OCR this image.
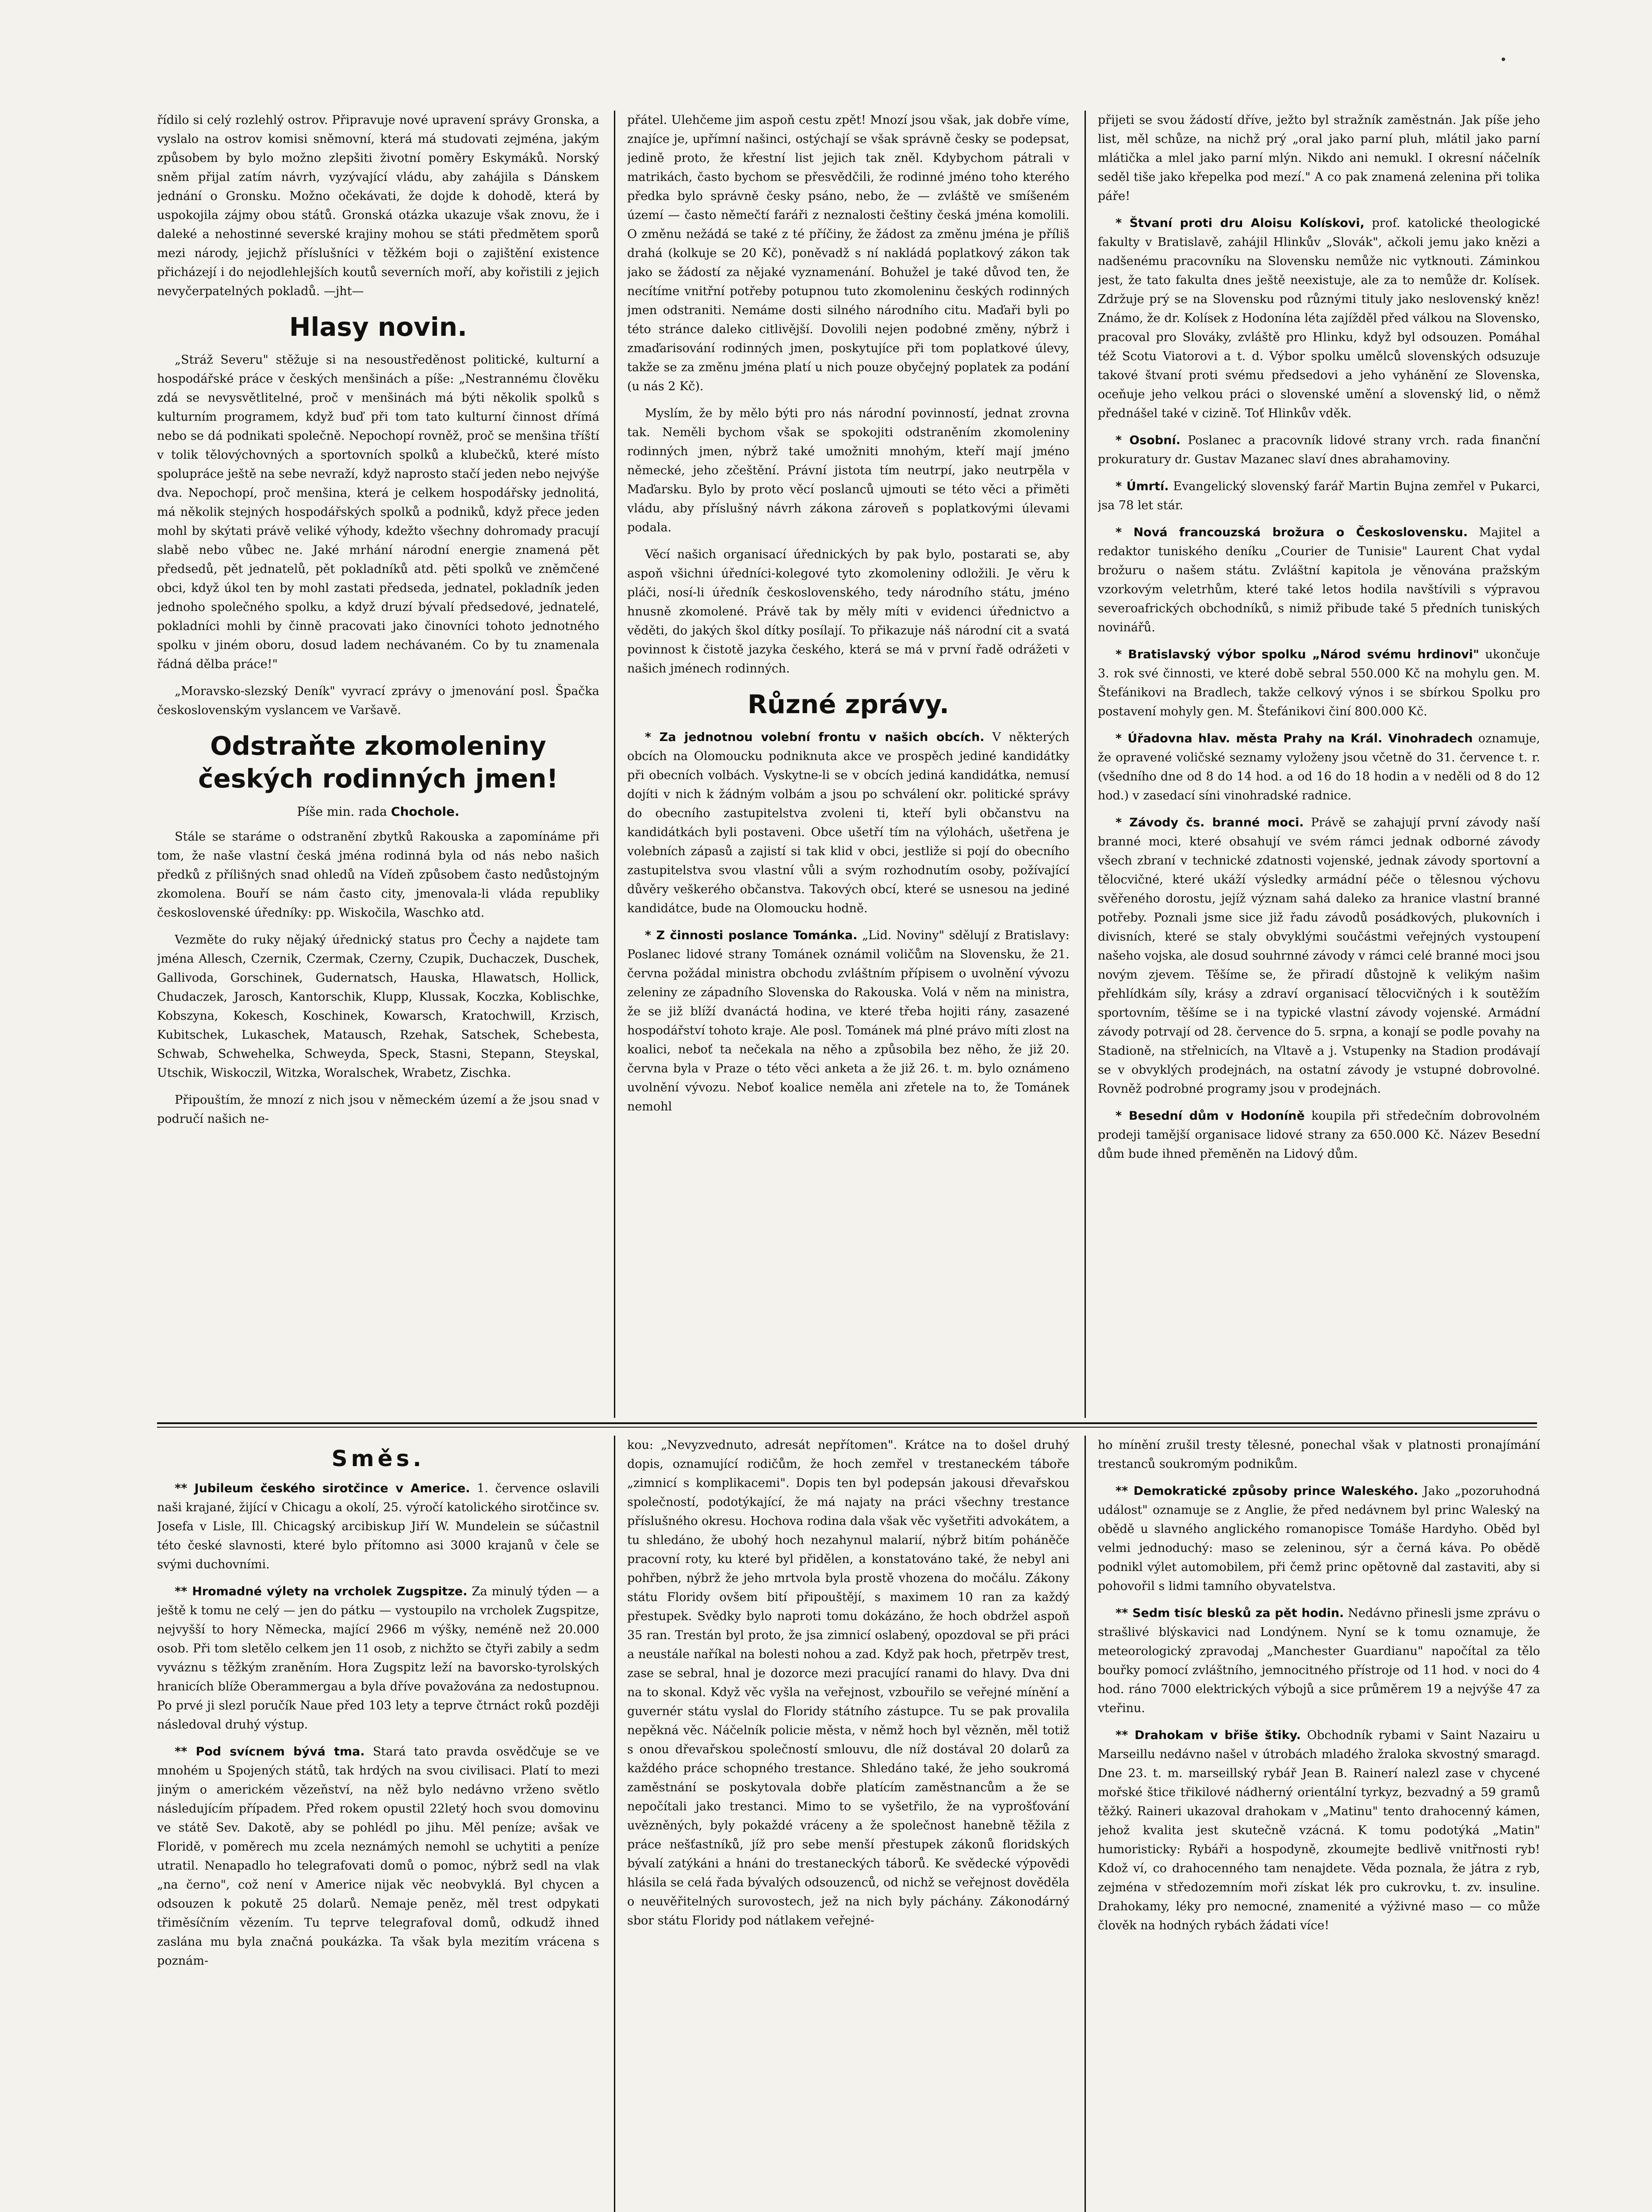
řídilo si celý rozlehlý ostrov. Připravuje nové upravení správy Gronska, a vyslalo na ostrov komisi sněmovní, která má studovati zejména, jakým způsobem by bylo možno zlepšiti životní poměry Eskymáků. Norský sněm přijal zatím návrh, vyzývající vládu, aby zahájila s Dánskem jednání o Gronsku. Možno očekávati, že dojde k dohodě, která by uspokojila zájmy obou států. Gronská otázka ukazuje však znovu, že i daleké a nehostinné severské krajiny mohou se státi předmětem sporů mezi národy, jejichž příslušníci v těžkém boji o zajištění existence přicházejí i do nejodlehlejších koutů severních moří, aby kořistili z jejich nevyčerpatelných pokladů. —jht—

Hlasy novin.

„Stráž Severu" stěžuje si na nesoustředěnost politické, kulturní a hospodářské práce v českých menšinách a píše: „Nestrannému člověku zdá se nevysvětlitelné, proč v menšinách má býti několik spolků s kulturním programem, když buď při tom tato kulturní činnost dřímá nebo se dá podnikati společně. Nepochopí rovněž, proč se menšina tříští v tolik tělovýchovných a sportovních spolků a klubečků, které místo spolupráce ještě na sebe nevraží, když naprosto stačí jeden nebo nejvýše dva. Nepochopí, proč menšina, která je celkem hospodářsky jednolitá, má několik stejných hospodářských spolků a podniků, když přece jeden mohl by skýtati právě veliké výhody, kdežto všechny dohromady pracují slabě nebo vůbec ne. Jaké mrhání národní energie znamená pět předsedů, pět jednatelů, pět pokladníků atd. pěti spolků ve zněmčené obci, když úkol ten by mohl zastati předseda, jednatel, pokladník jeden jednoho společného spolku, a když druzí bývalí předsedové, jednatelé, pokladníci mohli by činně pracovati jako činovníci tohoto jednotného spolku v jiném oboru, dosud ladem nechávaném. Co by tu znamenala řádná dělba práce!"

„Moravsko-slezský Deník" vyvrací zprávy o jmenování posl. Špačka československým vyslancem ve Varšavě.

Odstraňte zkomoleniny českých rodinných jmen!
Píše min. rada Chochole.

Stále se staráme o odstranění zbytků Rakouska a zapomínáme při tom, že naše vlastní česká jména rodinná byla od nás nebo našich předků z přílišných snad ohledů na Vídeň způsobem často nedůstojným zkomolena. Bouří se nám často city, jmenovala-li vláda republiky československé úředníky: pp. Wiskočila, Waschko atd.

Vezměte do ruky nějaký úřednický status pro Čechy a najdete tam jména Allesch, Czernik, Czermak, Czerny, Czupik, Duchaczek, Duschek, Gallivoda, Gorschinek, Gudernatsch, Hauska, Hlawatsch, Hollick, Chudaczek, Jarosch, Kantorschik, Klupp, Klussak, Koczka, Koblischke, Kobszyna, Kokesch, Koschinek, Kowarsch, Kratochwill, Krzisch, Kubitschek, Lukaschek, Matausch, Rzehak, Satschek, Schebesta, Schwab, Schwehelka, Schweyda, Speck, Stasni, Stepann, Steyskal, Utschik, Wiskoczil, Witzka, Woralschek, Wrabetz, Zischka.

Připouštím, že mnozí z nich jsou v německém území a že jsou snad v područí našich ne-

přátel. Ulehčeme jim aspoň cestu zpět! Mnozí jsou však, jak dobře víme, znajíce je, upřímní našinci, ostýchají se však správně česky se podepsat, jedině proto, že křestní list jejich tak zněl. Kdybychom pátrali v matrikách, často bychom se přesvědčili, že rodinné jméno toho kterého předka bylo správně česky psáno, nebo, že — zvláště ve smíšeném území — často němečtí faráři z neznalosti češtiny česká jména komolili. O změnu nežádá se také z té příčiny, že žádost za změnu jména je příliš drahá (kolkuje se 20 Kč), poněvadž s ní nakládá poplatkový zákon tak jako se žádostí za nějaké vyznamenání. Bohužel je také důvod ten, že necítíme vnitřní potřeby potupnou tuto zkomoleninu českých rodinných jmen odstraniti. Nemáme dosti silného národního citu. Maďaři byli po této stránce daleko citlivější. Dovolili nejen podobné změny, nýbrž i zmaďarisování rodinných jmen, poskytujíce při tom poplatkové úlevy, takže se za změnu jména platí u nich pouze obyčejný poplatek za podání (u nás 2 Kč).

Myslím, že by mělo býti pro nás národní povinností, jednat zrovna tak. Neměli bychom však se spokojiti odstraněním zkomoleniny rodinných jmen, nýbrž také umožniti mnohým, kteří mají jméno německé, jeho zčeštění. Právní jistota tím neutrpí, jako neutrpěla v Maďarsku. Bylo by proto věcí poslanců ujmouti se této věci a přiměti vládu, aby příslušný návrh zákona zároveň s poplatkovými úlevami podala.

Věcí našich organisací úřednických by pak bylo, postarati se, aby aspoň všichni úředníci-kolegové tyto zkomoleniny odložili. Je věru k pláči, nosí-li úředník československého, tedy národního státu, jméno hnusně zkomolené. Právě tak by měly míti v evidenci úřednictvo a věděti, do jakých škol dítky posílají. To přikazuje náš národní cit a svatá povinnost k čistotě jazyka českého, která se má v první řadě odrážeti v našich jménech rodinných.

Různé zprávy.

* Za jednotnou volební frontu v našich obcích. V některých obcích na Olomoucku podniknuta akce ve prospěch jediné kandidátky při obecních volbách. Vyskytne-li se v obcích jediná kandidátka, nemusí dojíti v nich k žádným volbám a jsou po schválení okr. politické správy do obecního zastupitelstva zvoleni ti, kteří byli občanstvu na kandidátkách byli postaveni. Obce ušetří tím na výlohách, ušetřena je volebních zápasů a zajistí si tak klid v obci, jestliže si pojí do obecního zastupitelstva svou vlastní vůli a svým rozhodnutím osoby, požívající důvěry veškerého občanstva. Takových obcí, které se usnesou na jediné kandidátce, bude na Olomoucku hodně.

* Z činnosti poslance Tománka. „Lid. Noviny" sdělují z Bratislavy: Poslanec lidové strany Tománek oznámil voličům na Slovensku, že 21. června požádal ministra obchodu zvláštním přípisem o uvolnění vývozu zeleniny ze západního Slovenska do Rakouska. Volá v něm na ministra, že se již blíží dvanáctá hodina, ve které třeba hojiti rány, zasazené hospodářství tohoto kraje. Ale posl. Tománek má plné právo míti zlost na koalici, neboť ta nečekala na něho a způsobila bez něho, že již 20. června byla v Praze o této věci anketa a že již 26. t. m. bylo oznámeno uvolnění vývozu. Neboť koalice neměla ani zřetele na to, že Tománek nemohl

přijeti se svou žádostí dříve, ježto byl stražník zaměstnán. Jak píše jeho list, měl schůze, na nichž prý „oral jako parní pluh, mlátil jako parní mlátička a mlel jako parní mlýn. Nikdo ani nemukl. I okresní náčelník seděl tiše jako křepelka pod mezí." A co pak znamená zelenina při tolika páře!

* Štvaní proti dru Aloisu Kolískovi, prof. katolické theologické fakulty v Bratislavě, zahájil Hlinkův „Slovák", ačkoli jemu jako knězi a nadšenému pracovníku na Slovensku nemůže nic vytknouti. Záminkou jest, že tato fakulta dnes ještě neexistuje, ale za to nemůže dr. Kolísek. Zdržuje prý se na Slovensku pod různými tituly jako neslovenský kněz! Známo, že dr. Kolísek z Hodonína léta zajížděl před válkou na Slovensko, pracoval pro Slováky, zvláště pro Hlinku, když byl odsouzen. Pomáhal též Scotu Viatorovi a t. d. Výbor spolku umělců slovenských odsuzuje takové štvaní proti svému předsedovi a jeho vyhánění ze Slovenska, oceňuje jeho velkou práci o slovenské umění a slovenský lid, o němž přednášel také v cizině. Toť Hlinkův vděk.

* Osobní. Poslanec a pracovník lidové strany vrch. rada finanční prokuratury dr. Gustav Mazanec slaví dnes abrahamoviny.

* Úmrtí. Evangelický slovenský farář Martin Bujna zemřel v Pukarci, jsa 78 let stár.

* Nová francouzská brožura o Československu. Majitel a redaktor tuniského deníku „Courier de Tunisie" Laurent Chat vydal brožuru o našem státu. Zvláštní kapitola je věnována pražským vzorkovým veletrhům, které také letos hodila navštívili s výpravou severoafrických obchodníků, s nimiž přibude také 5 předních tuniských novinářů.

* Bratislavský výbor spolku „Národ svému hrdinovi" ukončuje 3. rok své činnosti, ve které době sebral 550.000 Kč na mohylu gen. M. Štefánikovi na Bradlech, takže celkový výnos i se sbírkou Spolku pro postavení mohyly gen. M. Štefánikovi činí 800.000 Kč.

* Úřadovna hlav. města Prahy na Král. Vinohradech oznamuje, že opravené voličské seznamy vyloženy jsou včetně do 31. července t. r. (všedního dne od 8 do 14 hod. a od 16 do 18 hodin a v neděli od 8 do 12 hod.) v zasedací síni vinohradské radnice.

* Závody čs. branné moci. Právě se zahajují první závody naší branné moci, které obsahují ve svém rámci jednak odborné závody všech zbraní v technické zdatnosti vojenské, jednak závody sportovní a tělocvičné, které ukáží výsledky armádní péče o tělesnou výchovu svěřeného dorostu, jejíž význam sahá daleko za hranice vlastní branné potřeby. Poznali jsme sice již řadu závodů posádkových, plukovních i divisních, které se staly obvyklými součástmi veřejných vystoupení našeho vojska, ale dosud souhrnné závody v rámci celé branné moci jsou novým zjevem. Těšíme se, že přiradí důstojně k velikým našim přehlídkám síly, krásy a zdraví organisací tělocvičných i k soutěžím sportovním, těšíme se i na typické vlastní závody vojenské. Armádní závody potrvají od 28. července do 5. srpna, a konají se podle povahy na Stadioně, na střelnicích, na Vltavě a j. Vstupenky na Stadion prodávají se v obvyklých prodejnách, na ostatní závody je vstupné dobrovolné. Rovněž podrobné programy jsou v prodejnách.

* Besední dům v Hodoníně koupila při středečním dobrovolném prodeji tamější organisace lidové strany za 650.000 Kč. Název Besední dům bude ihned přeměněn na Lidový dům.

Směs.

** Jubileum českého sirotčince v Americe. 1. července oslavili naši krajané, žijící v Chicagu a okolí, 25. výročí katolického sirotčince sv. Josefa v Lisle, Ill. Chicagský arcibiskup Jiří W. Mundelein se súčastnil této české slavnosti, které bylo přítomno asi 3000 krajanů v čele se svými duchovními.

** Hromadné výlety na vrcholek Zugspitze. Za minulý týden — a ještě k tomu ne celý — jen do pátku — vystoupilo na vrcholek Zugspitze, nejvyšší to hory Německa, mající 2966 m výšky, neméně než 20.000 osob. Při tom sletělo celkem jen 11 osob, z nichžto se čtyři zabily a sedm vyváznu s těžkým zraněním. Hora Zugspitz leží na bavorsko-tyrolských hranicích blíže Oberammergau a byla dříve považována za nedostupnou. Po prvé ji slezl poručík Naue před 103 lety a teprve čtrnáct roků později následoval druhý výstup.

** Pod svícnem bývá tma. Stará tato pravda osvědčuje se ve mnohém u Spojených států, tak hrdých na svou civilisaci. Platí to mezi jiným o americkém vězeňství, na něž bylo nedávno vrženo světlo následujícím případem. Před rokem opustil 22letý hoch svou domovinu ve státě Sev. Dakotě, aby se pohlédl po jihu. Měl peníze; avšak ve Floridě, v poměrech mu zcela neznámých nemohl se uchytiti a peníze utratil. Nenapadlo ho telegrafovati domů o pomoc, nýbrž sedl na vlak „na černo", což není v Americe nijak věc neobvyklá. Byl chycen a odsouzen k pokutě 25 dolarů. Nemaje peněz, měl trest odpykati třiměsíčním vězením. Tu teprve telegrafoval domů, odkudž ihned zaslána mu byla značná poukázka. Ta však byla mezitím vrácena s poznám-

kou: „Nevyzvednuto, adresát nepřítomen". Krátce na to došel druhý dopis, oznamující rodičům, že hoch zemřel v trestaneckém táboře „zimnicí s komplikacemi". Dopis ten byl podepsán jakousi dřevařskou společností, podotýkající, že má najaty na práci všechny trestance příslušného okresu. Hochova rodina dala však věc vyšetřiti advokátem, a tu shledáno, že ubohý hoch nezahynul malarií, nýbrž bitím poháněče pracovní roty, ku které byl přidělen, a konstatováno také, že nebyl ani pohřben, nýbrž že jeho mrtvola byla prostě vhozena do močálu. Zákony státu Floridy ovšem bití připouštějí, s maximem 10 ran za každý přestupek. Svědky bylo naproti tomu dokázáno, že hoch obdržel aspoň 35 ran. Trestán byl proto, že jsa zimnicí oslabený, opozdoval se při práci a neustále naříkal na bolesti nohou a zad. Když pak hoch, přetrpěv trest, zase se sebral, hnal je dozorce mezi pracující ranami do hlavy. Dva dni na to skonal. Když věc vyšla na veřejnost, vzbouřilo se veřejné mínění a guvernér státu vyslal do Floridy státního zástupce. Tu se pak provalila nepěkná věc. Náčelník policie města, v němž hoch byl vězněn, měl totiž s onou dřevařskou společností smlouvu, dle níž dostával 20 dolarů za každého práce schopného trestance. Shledáno také, že jeho soukromá zaměstnání se poskytovala dobře platícím zaměstnancům a že se nepočítali jako trestanci. Mimo to se vyšetřilo, že na vyprošťování uvězněných, byly pokaždé vráceny a že společnost hanebně těžila z práce nešťastníků, jíž pro sebe menší přestupek zákonů floridských bývalí zatýkáni a hnáni do trestaneckých táborů. Ke svědecké výpovědi hlásila se celá řada bývalých odsouzenců, od nichž se veřejnost dověděla o neuvěřitelných surovostech, jež na nich byly páchány. Zákonodárný sbor státu Floridy pod nátlakem veřejné-

ho mínění zrušil tresty tělesné, ponechal však v platnosti pronajímání trestanců soukromým podnikům.

** Demokratické způsoby prince Waleského. Jako „pozoruhodná událost" oznamuje se z Anglie, že před nedávnem byl princ Waleský na obědě u slavného anglického romanopisce Tomáše Hardyho. Oběd byl velmi jednoduchý: maso se zeleninou, sýr a černá káva. Po obědě podnikl výlet automobilem, při čemž princ opětovně dal zastaviti, aby si pohovořil s lidmi tamního obyvatelstva.

** Sedm tisíc blesků za pět hodin. Nedávno přinesli jsme zprávu o strašlivé blýskavici nad Londýnem. Nyní se k tomu oznamuje, že meteorologický zpravodaj „Manchester Guardianu" napočítal za tělo bouřky pomocí zvláštního, jemnocitného přístroje od 11 hod. v noci do 4 hod. ráno 7000 elektrických výbojů a sice průměrem 19 a nejvýše 47 za vteřinu.

** Drahokam v břiše štiky. Obchodník rybami v Saint Nazairu u Marseillu nedávno našel v útrobách mladého žraloka skvostný smaragd. Dne 23. t. m. marseillský rybář Jean B. Rainerí nalezl zase v chycené mořské štice třikilové nádherný orientální tyrkyz, bezvadný a 59 gramů těžký. Raineri ukazoval drahokam v „Matinu" tento drahocenný kámen, jehož kvalita jest skutečně vzácná. K tomu podotýká „Matin" humoristicky: Rybáři a hospodyně, zkoumejte bedlivě vnitřnosti ryb! Kdož ví, co drahocenného tam nenajdete. Věda poznala, že játra z ryb, zejména v středozemním moři získat lék pro cukrovku, t. zv. insuline. Drahokamy, léky pro nemocné, znamenité a výživné maso — co může člověk na hodných rybách žádati více!
